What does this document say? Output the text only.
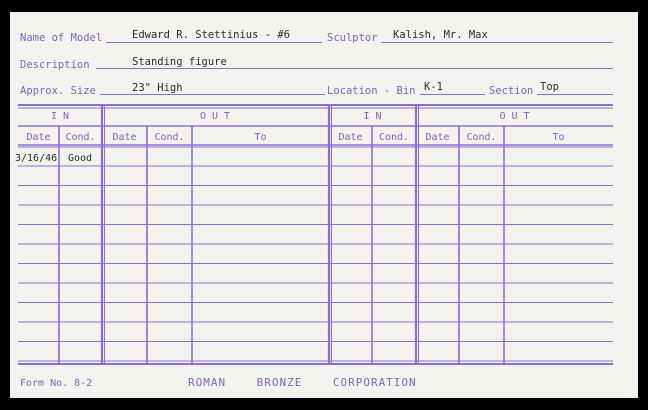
Name of Model	Edward R. Stettinius - #6	Sculptor Kalish, Mr. Max
Description	Standing figure
Approx. Size	23" High	Location - Bin K-1	Section Top
I N	O U T	I N	O U T
Date	Cond.	Date	Cond.	To	Date	Cond.	Date	Cond.	To
3/16/46 Good
Form No. 8-2	ROMAN    BRONZE    CORPORATION
